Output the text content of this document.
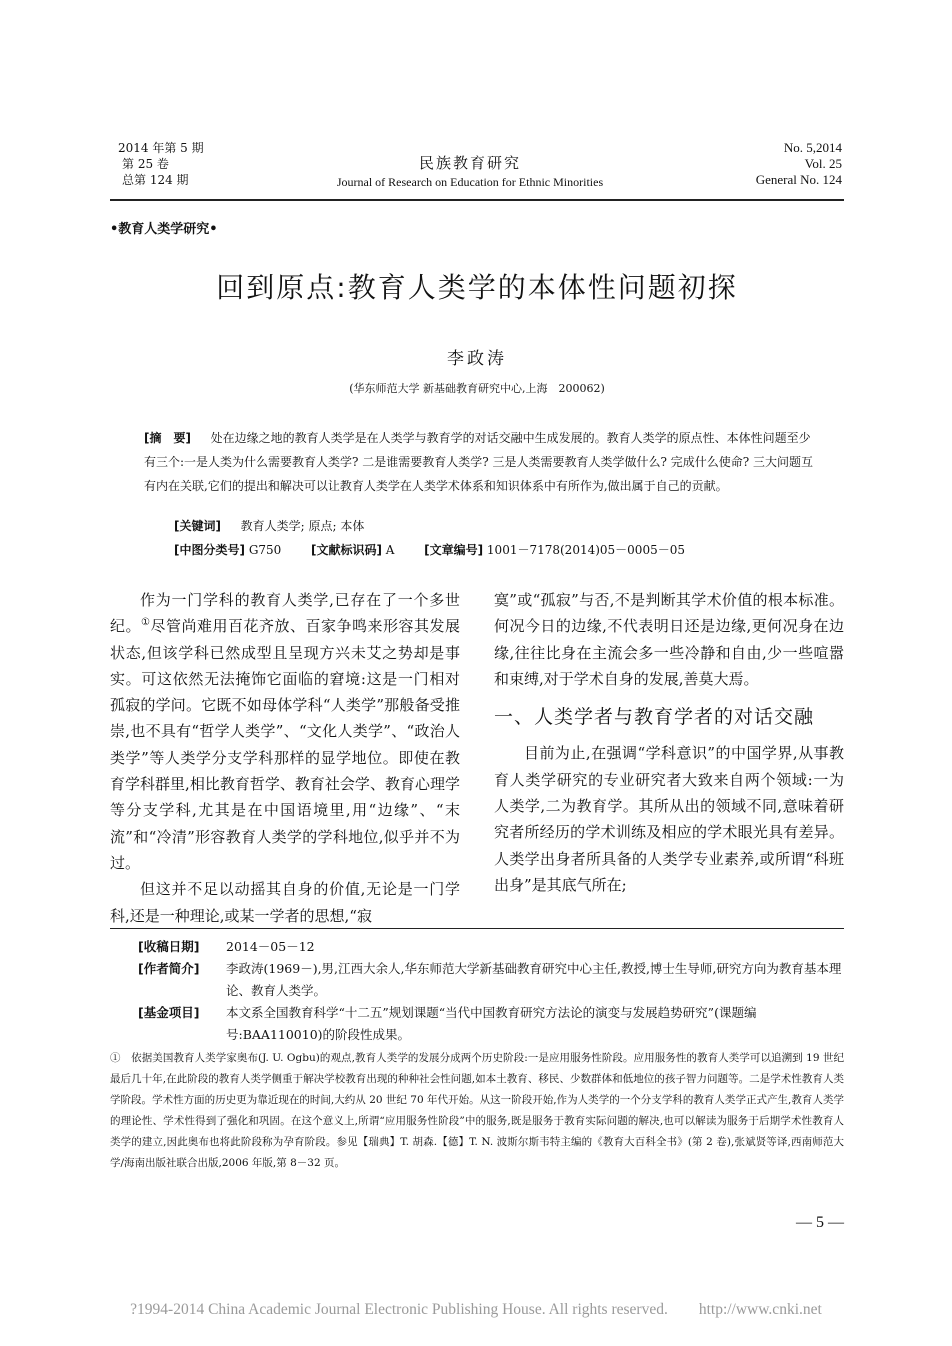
2014 年第 5 期
第 25 卷
总第 124 期
民族教育研究
Journal of Research on Education for Ethnic Minorities
No. 5,2014
Vol. 25
General No. 124
•教育人类学研究•
回到原点:教育人类学的本体性问题初探
李政涛
(华东师范大学 新基础教育研究中心,上海　200062)
[摘　要]   处在边缘之地的教育人类学是在人类学与教育学的对话交融中生成发展的。教育人类学的原点性、本体性问题至少有三个:一是人类为什么需要教育人类学? 二是谁需要教育人类学? 三是人类需要教育人类学做什么? 完成什么使命? 三大问题互有内在关联,它们的提出和解决可以让教育人类学在人类学术体系和知识体系中有所作为,做出属于自己的贡献。
[关键词]   教育人类学; 原点; 本体
[中图分类号] G750 [文献标识码] A [文章编号] 1001－7178(2014)05－0005－05

作为一门学科的教育人类学,已存在了一个多世纪。①尽管尚难用百花齐放、百家争鸣来形容其发展状态,但该学科已然成型且呈现方兴未艾之势却是事实。可这依然无法掩饰它面临的窘境:这是一门相对孤寂的学问。它既不如母体学科“人类学”那般备受推崇,也不具有“哲学人类学”、“文化人类学”、“政治人类学”等人类学分支学科那样的显学地位。即使在教育学科群里,相比教育哲学、教育社会学、教育心理学等分支学科,尤其是在中国语境里,用“边缘”、“末流”和“冷清”形容教育人类学的学科地位,似乎并不为过。

但这并不足以动摇其自身的价值,无论是一门学科,还是一种理论,或某一学者的思想,“寂

寞”或“孤寂”与否,不是判断其学术价值的根本标准。何况今日的边缘,不代表明日还是边缘,更何况身在边缘,往往比身在主流会多一些冷静和自由,少一些喧嚣和束缚,对于学术自身的发展,善莫大焉。

一、人类学者与教育学者的对话交融

目前为止,在强调“学科意识”的中国学界,从事教育人类学研究的专业研究者大致来自两个领域:一为人类学,二为教育学。其所从出的领域不同,意味着研究者所经历的学术训练及相应的学术眼光具有差异。人类学出身者所具备的人类学专业素养,或所谓“科班出身”是其底气所在;

[收稿日期]	2014－05－12
[作者简介]	李政涛(1969－),男,江西大余人,华东师范大学新基础教育研究中心主任,教授,博士生导师,研究方向为教育基本理论、教育人类学。
[基金项目]	本文系全国教育科学“十二五”规划课题“当代中国教育研究方法论的演变与发展趋势研究”(课题编号:BAA110010)的阶段性成果。
①　依据美国教育人类学家奥布(J. U. Ogbu)的观点,教育人类学的发展分成两个历史阶段:一是应用服务性阶段。应用服务性的教育人类学可以追溯到 19 世纪最后几十年,在此阶段的教育人类学侧重于解决学校教育出现的种种社会性问题,如本土教育、移民、少数群体和低地位的孩子智力问题等。二是学术性教育人类学阶段。学术性方面的历史更为靠近现在的时间,大约从 20 世纪 70 年代开始。从这一阶段开始,作为人类学的一个分支学科的教育人类学正式产生,教育人类学的理论性、学术性得到了强化和巩固。在这个意义上,所谓“应用服务性阶段”中的服务,既是服务于教育实际问题的解决,也可以解读为服务于后期学术性教育人类学的建立,因此奥布也将此阶段称为孕育阶段。参见【瑞典】T. 胡森.【德】T. N. 波斯尔斯韦特主编的《教育大百科全书》(第 2 卷),张斌贤等译,西南师范大学/海南出版社联合出版,2006 年版,第 8－32 页。
— 5 —
?1994-2014 China Academic Journal Electronic Publishing House. All rights reserved.　　http://www.cnki.net
